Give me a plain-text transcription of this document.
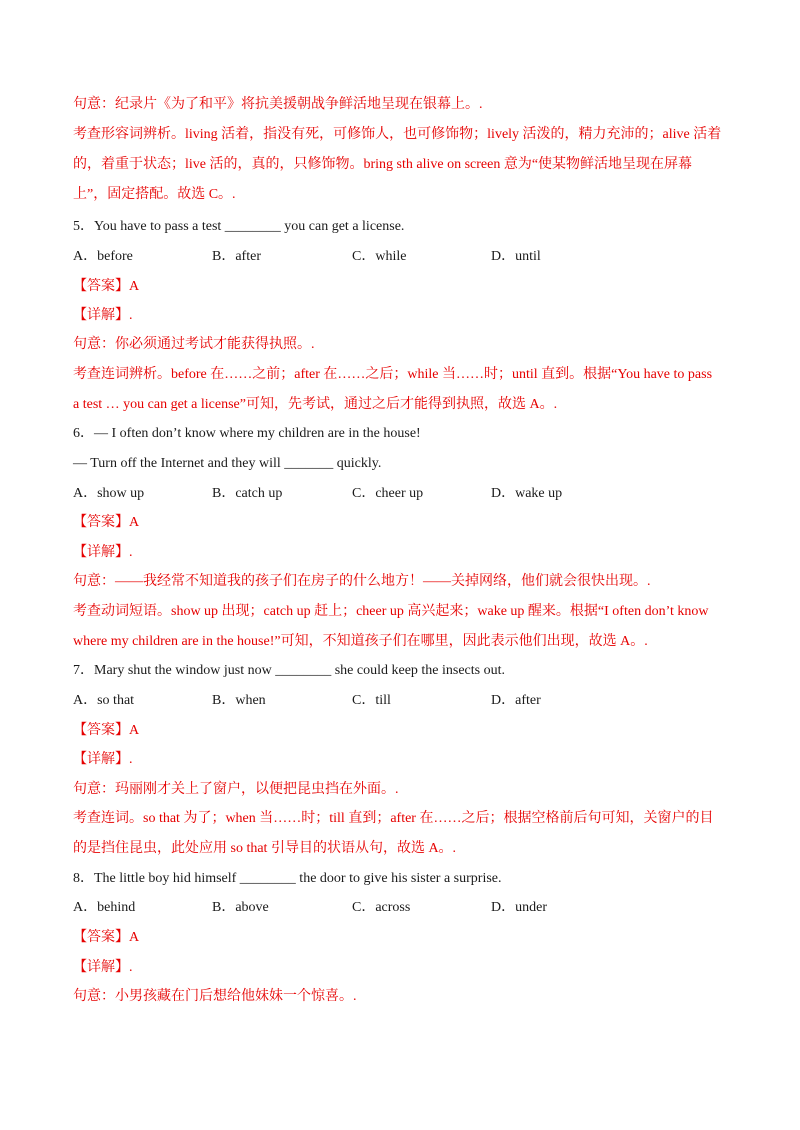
句意：纪录片《为了和平》将抗美援朝战争鲜活地呈现在银幕上。.
考查形容词辨析。living 活着，指没有死，可修饰人，也可修饰物；lively 活泼的，精力充沛的；alive 活着
的，着重于状态；live 活的，真的，只修饰物。bring sth alive on screen 意为“使某物鲜活地呈现在屏幕
上”，固定搭配。故选 C。.
5．You have to pass a test ________ you can get a license.
A．before	B．after	C．while	D．until
【答案】A
【详解】.
句意：你必须通过考试才能获得执照。.
考查连词辨析。before 在……之前；after 在……之后；while 当……时；until 直到。根据“You have to pass
a test … you can get a license”可知，先考试，通过之后才能得到执照，故选 A。.
6．— I often don’t know where my children are in the house!
— Turn off the Internet and they will _______ quickly.
A．show up	B．catch up	C．cheer up	D．wake up
【答案】A
【详解】.
句意：——我经常不知道我的孩子们在房子的什么地方！——关掉网络，他们就会很快出现。.
考查动词短语。show up 出现；catch up 赶上；cheer up 高兴起来；wake up 醒来。根据“I often don’t know
where my children are in the house!”可知，不知道孩子们在哪里，因此表示他们出现，故选 A。.
7．Mary shut the window just now ________ she could keep the insects out.
A．so that	B．when	C．till	D．after
【答案】A
【详解】.
句意：玛丽刚才关上了窗户，以便把昆虫挡在外面。.
考查连词。so that 为了；when 当……时；till 直到；after 在……之后；根据空格前后句可知，关窗户的目
的是挡住昆虫，此处应用 so that 引导目的状语从句，故选 A。.
8．The little boy hid himself ________ the door to give his sister a surprise.
A．behind	B．above	C．across	D．under
【答案】A
【详解】.
句意：小男孩藏在门后想给他妹妹一个惊喜。.
